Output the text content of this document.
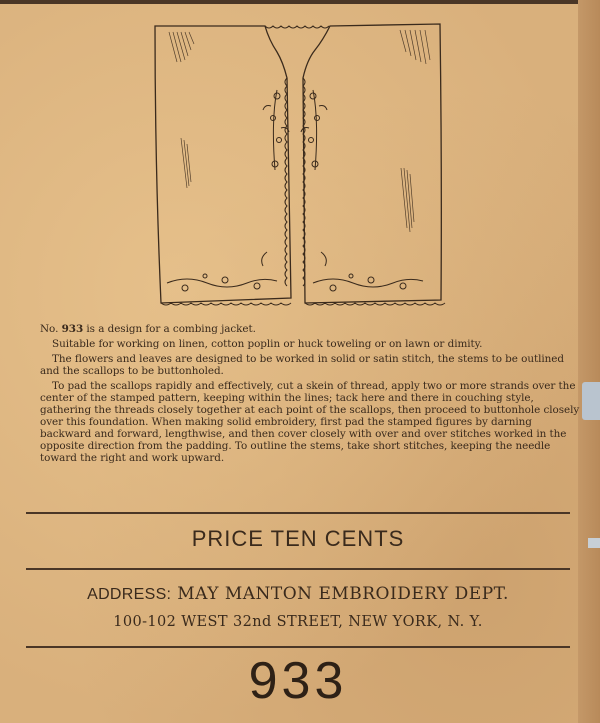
No. 933 is a design for a combing jacket.

Suitable for working on linen, cotton poplin or huck toweling or on lawn or dimity.

The flowers and leaves are designed to be worked in solid or satin stitch, the stems to be outlined and the scallops to be buttonholed.

To pad the scallops rapidly and effectively, cut a skein of thread, apply two or more strands over the center of the stamped pattern, keeping within the lines; tack here and there in couching style, gathering the threads closely together at each point of the scallops, then proceed to buttonhole closely over this foundation. When making solid embroidery, first pad the stamped figures by darning backward and forward, lengthwise, and then cover closely with over and over stitches worked in the opposite direction from the padding. To outline the stems, take short stitches, keeping the needle toward the right and work upward.

PRICE TEN CENTS
ADDRESS: MAY MANTON EMBROIDERY DEPT.
100-102 WEST 32nd STREET, NEW YORK, N. Y.
933
